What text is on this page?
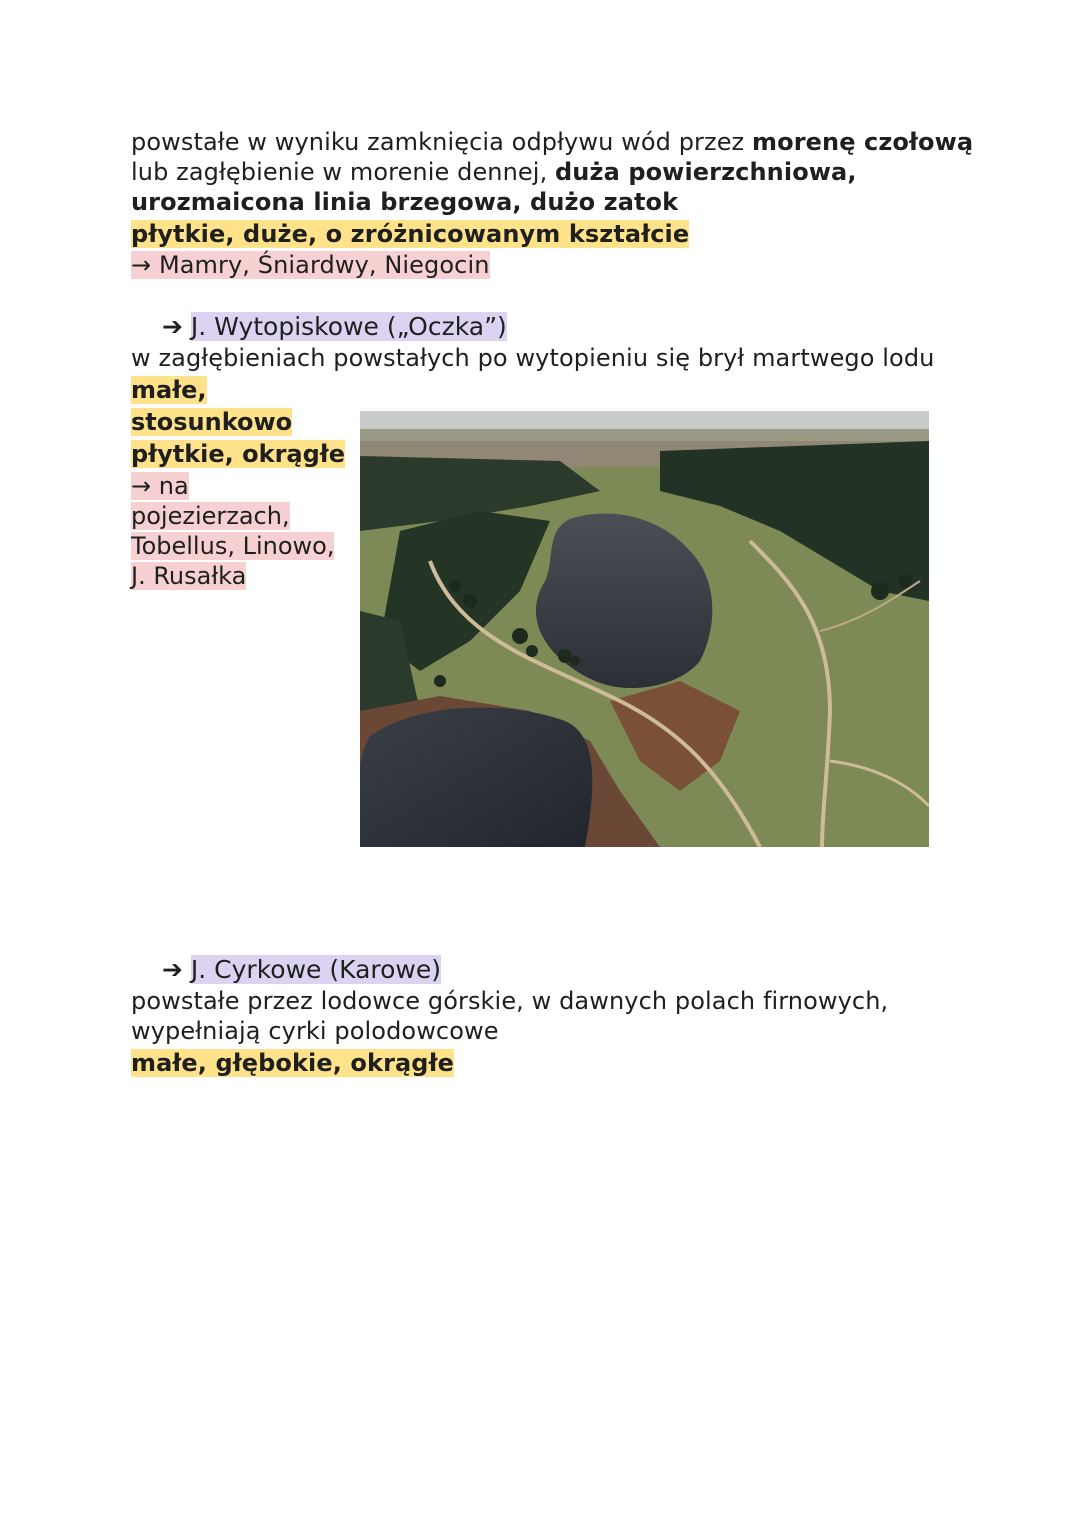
powstałe w wyniku zamknięcia odpływu wód przez morenę czołową
lub zagłębienie w morenie dennej, duża powierzchniowa,
urozmaicona linia brzegowa, dużo zatok
płytkie, duże, o zróżnicowanym kształcie
→ Mamry, Śniardwy, Niegocin
➔ J. Wytopiskowe („Oczka”)
w zagłębieniach powstałych po wytopieniu się brył martwego lodu
małe,
stosunkowo
płytkie, okrągłe
→ na
pojezierzach,
Tobellus, Linowo,
J. Rusałka
➔ J. Cyrkowe (Karowe)
powstałe przez lodowce górskie, w dawnych polach firnowych,
wypełniają cyrki polodowcowe
małe, głębokie, okrągłe
